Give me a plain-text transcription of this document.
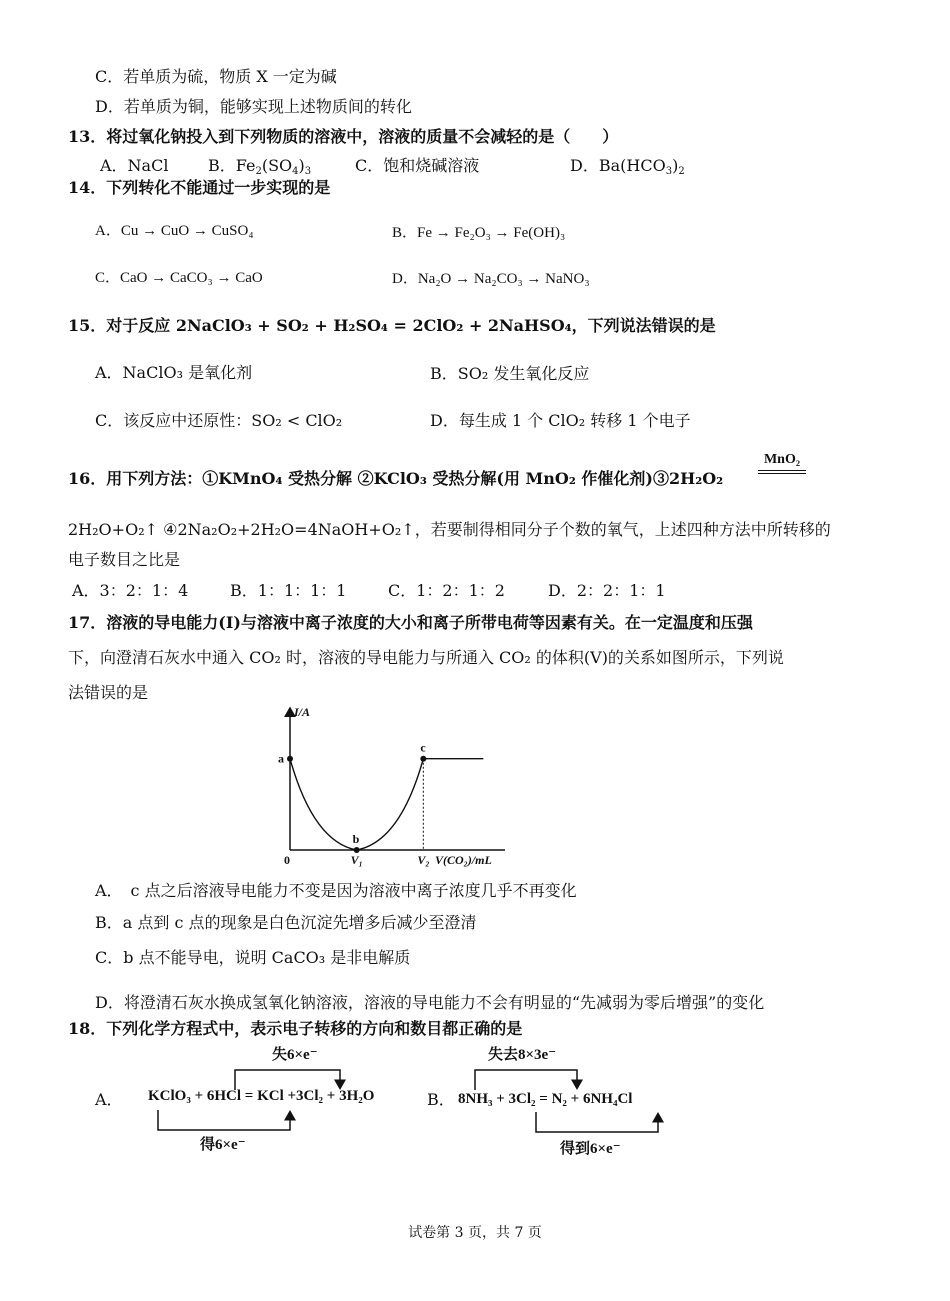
C．若单质为硫，物质 X 一定为碱
D．若单质为铜，能够实现上述物质间的转化
13．将过氧化钠投入到下列物质的溶液中，溶液的质量不会减轻的是（　　）
A．NaCl B．$Fe_2(SO_4)_3$	C．饱和烧碱溶液	D．$Ba(HCO_3)_2$
14．下列转化不能通过一步实现的是
A．Cu → CuO → CuSO₄	B．Fe → Fe₂O₃ → Fe(OH)₃
C．CaO → CaCO₃ → CaO	D．Na₂O → Na₂CO₃ → NaNO₃
15．对于反应 2NaClO₃ + SO₂ + H₂SO₄ = 2ClO₂ + 2NaHSO₄，下列说法错误的是
A．NaClO₃ 是氧化剂	B．SO₂ 发生氧化反应
C．该反应中还原性：SO₂ < ClO₂	D．每生成 1 个 ClO₂ 转移 1 个电子
16．用下列方法：①KMnO₄ 受热分解 ②KClO₃ 受热分解(用 MnO₂ 作催化剂)③2H₂O₂
MnO₂
2H₂O+O₂↑ ④2Na₂O₂+2H₂O=4NaOH+O₂↑，若要制得相同分子个数的氧气，上述四种方法中所转移的
电子数目之比是
A．3：2：1：4	B．1：1：1：1	C．1：2：1：2	D．2：2：1：1
17．溶液的导电能力(I)与溶液中离子浓度的大小和离子所带电荷等因素有关。在一定温度和压强
下，向澄清石灰水中通入 CO₂ 时，溶液的导电能力与所通入 CO₂ 的体积(V)的关系如图所示，下列说
法错误的是
I/A
0	V(CO₂)/mL
a
b
c
V₁	V₂
A．　c 点之后溶液导电能力不变是因为溶液中离子浓度几乎不再变化
B．a 点到 c 点的现象是白色沉淀先增多后减少至澄清
C．b 点不能导电，说明 CaCO₃ 是非电解质
D．将澄清石灰水换成氢氧化钠溶液，溶液的导电能力不会有明显的“先减弱为零后增强”的变化
18．下列化学方程式中，表示电子转移的方向和数目都正确的是
A． KClO₃ + 6HCl = KCl +3Cl₂ + 3H₂O
失6×e⁻
得6×e⁻
B． 8NH₃ + 3Cl₂ = N₂ + 6NH₄Cl
失去8×3e⁻
得到6×e⁻
试卷第 3 页，共 7 页
